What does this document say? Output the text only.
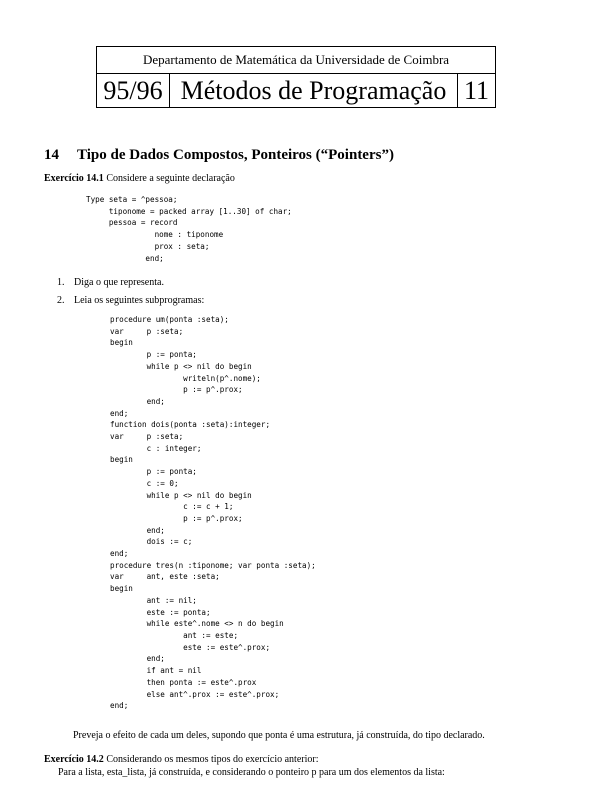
Departamento de Matemática da Universidade de Coimbra
95/96 Métodos de Programação 11
14 Tipo de Dados Compostos, Ponteiros (“Pointers”)
Exercício 14.1 Considere a seguinte declaração
Type seta = ^pessoa;
tiponome = packed array [1..30] of char;
pessoa = record
nome : tiponome
prox : seta;
end;
1. Diga o que representa.
2. Leia os seguintes subprogramas:
procedure um(ponta :seta);
var     p :seta;
begin
p := ponta;
while p <> nil do begin
writeln(p^.nome);
p := p^.prox;
end;
end;
function dois(ponta :seta):integer;
var     p :seta;
c : integer;
begin
p := ponta;
c := 0;
while p <> nil do begin
c := c + 1;
p := p^.prox;
end;
dois := c;
end;
procedure tres(n :tiponome; var ponta :seta);
var     ant, este :seta;
begin
ant := nil;
este := ponta;
while este^.nome <> n do begin
ant := este;
este := este^.prox;
end;
if ant = nil
then ponta := este^.prox
else ant^.prox := este^.prox;
end;
Preveja o efeito de cada um deles, supondo que ponta é uma estrutura, já construída, do tipo declarado.
Exercício 14.2 Considerando os mesmos tipos do exercício anterior:
Para a lista, esta_lista, já construída, e considerando o ponteiro p para um dos elementos da lista:
